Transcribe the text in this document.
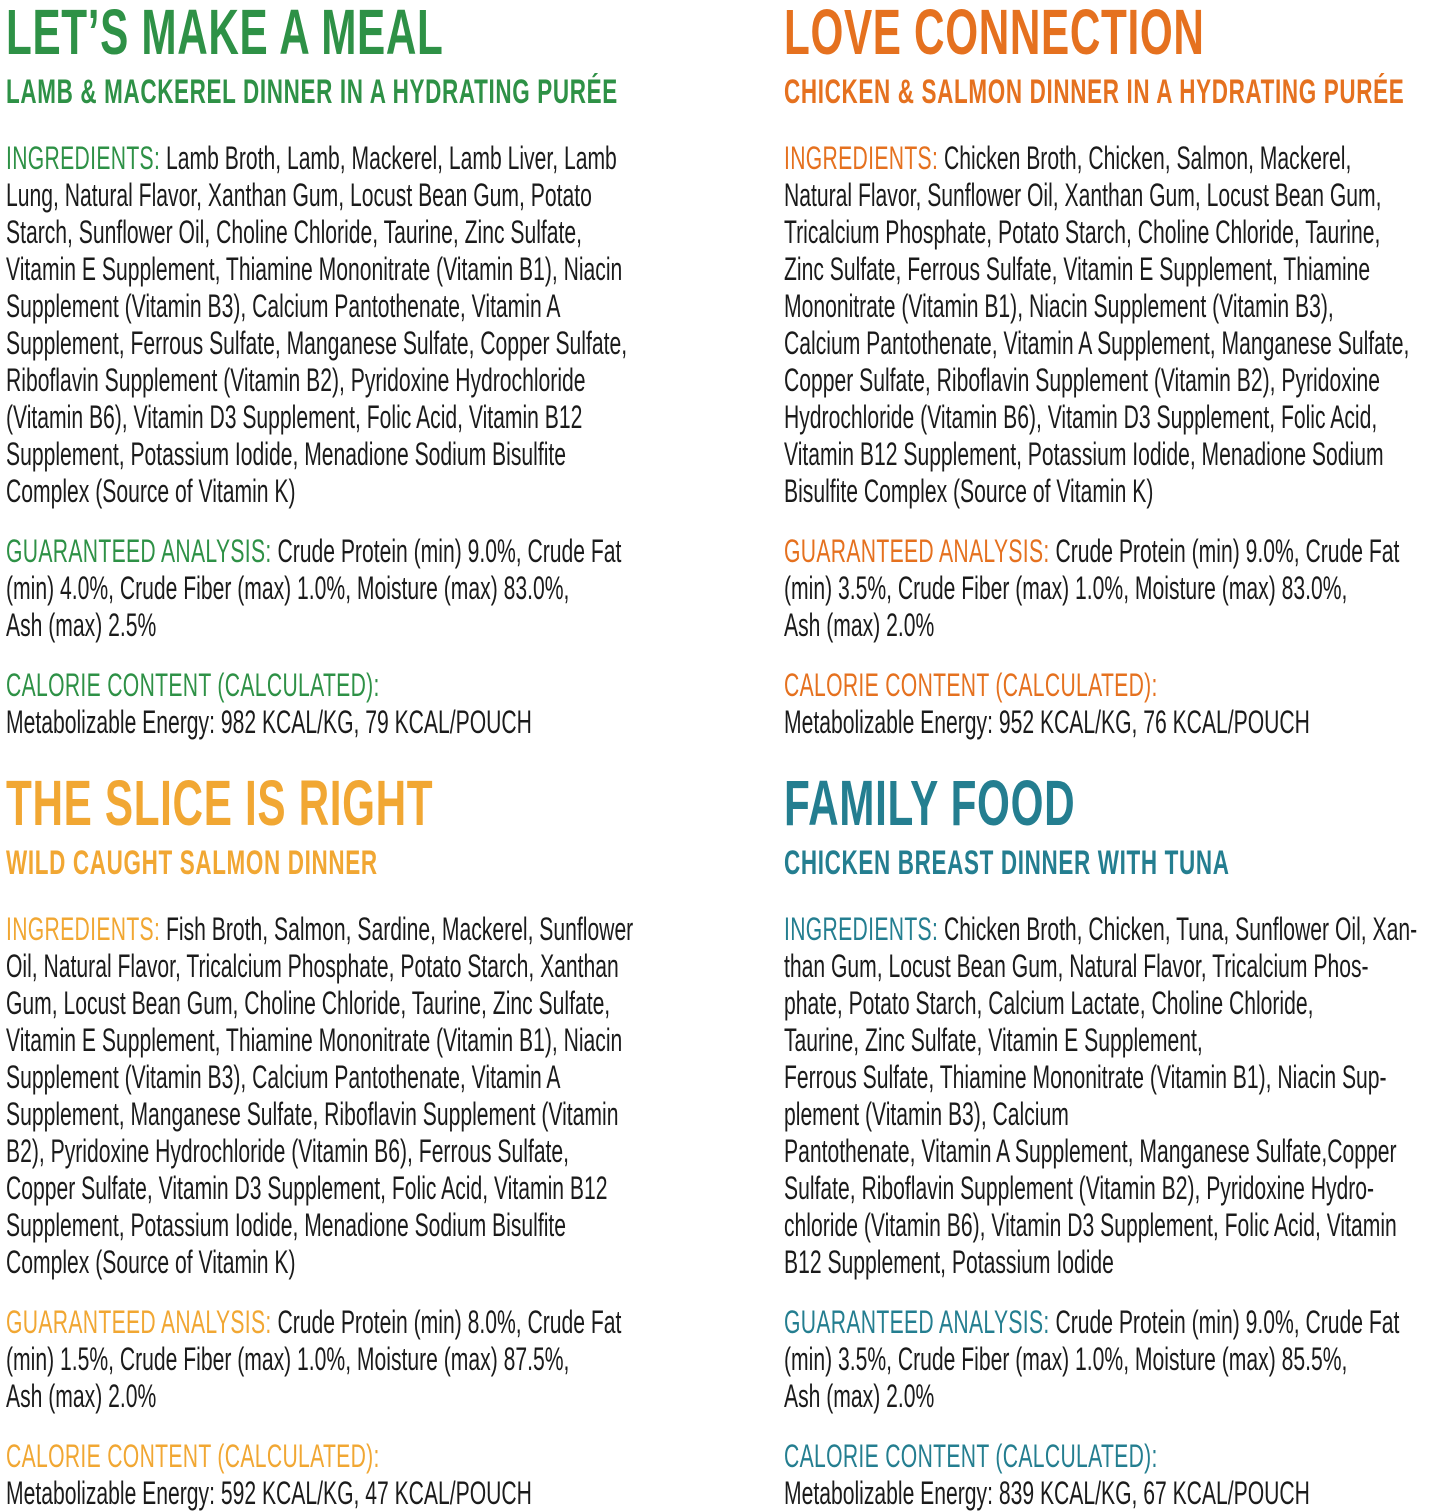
LET’S MAKE A MEAL
LAMB & MACKEREL DINNER IN A HYDRATING PURÉE
INGREDIENTS: Lamb Broth, Lamb, Mackerel, Lamb Liver, Lamb
Lung, Natural Flavor, Xanthan Gum, Locust Bean Gum, Potato
Starch, Sunflower Oil, Choline Chloride, Taurine, Zinc Sulfate,
Vitamin E Supplement, Thiamine Mononitrate (Vitamin B1), Niacin
Supplement (Vitamin B3), Calcium Pantothenate, Vitamin A
Supplement, Ferrous Sulfate, Manganese Sulfate, Copper Sulfate,
Riboflavin Supplement (Vitamin B2), Pyridoxine Hydrochloride
(Vitamin B6), Vitamin D3 Supplement, Folic Acid, Vitamin B12
Supplement, Potassium Iodide, Menadione Sodium Bisulfite
Complex (Source of Vitamin K)
GUARANTEED ANALYSIS: Crude Protein (min) 9.0%, Crude Fat
(min) 4.0%, Crude Fiber (max) 1.0%, Moisture (max) 83.0%,
Ash (max) 2.5%
CALORIE CONTENT (CALCULATED):
Metabolizable Energy: 982 KCAL/KG, 79 KCAL/POUCH
LOVE CONNECTION
CHICKEN & SALMON DINNER IN A HYDRATING PURÉE
INGREDIENTS: Chicken Broth, Chicken, Salmon, Mackerel,
Natural Flavor, Sunflower Oil, Xanthan Gum, Locust Bean Gum,
Tricalcium Phosphate, Potato Starch, Choline Chloride, Taurine,
Zinc Sulfate, Ferrous Sulfate, Vitamin E Supplement, Thiamine
Mononitrate (Vitamin B1), Niacin Supplement (Vitamin B3),
Calcium Pantothenate, Vitamin A Supplement, Manganese Sulfate,
Copper Sulfate, Riboflavin Supplement (Vitamin B2), Pyridoxine
Hydrochloride (Vitamin B6), Vitamin D3 Supplement, Folic Acid,
Vitamin B12 Supplement, Potassium Iodide, Menadione Sodium
Bisulfite Complex (Source of Vitamin K)
GUARANTEED ANALYSIS: Crude Protein (min) 9.0%, Crude Fat
(min) 3.5%, Crude Fiber (max) 1.0%, Moisture (max) 83.0%,
Ash (max) 2.0%
CALORIE CONTENT (CALCULATED):
Metabolizable Energy: 952 KCAL/KG, 76 KCAL/POUCH
THE SLICE IS RIGHT
WILD CAUGHT SALMON DINNER
INGREDIENTS: Fish Broth, Salmon, Sardine, Mackerel, Sunflower
Oil, Natural Flavor, Tricalcium Phosphate, Potato Starch, Xanthan
Gum, Locust Bean Gum, Choline Chloride, Taurine, Zinc Sulfate,
Vitamin E Supplement, Thiamine Mononitrate (Vitamin B1), Niacin
Supplement (Vitamin B3), Calcium Pantothenate, Vitamin A
Supplement, Manganese Sulfate, Riboflavin Supplement (Vitamin
B2), Pyridoxine Hydrochloride (Vitamin B6), Ferrous Sulfate,
Copper Sulfate, Vitamin D3 Supplement, Folic Acid, Vitamin B12
Supplement, Potassium Iodide, Menadione Sodium Bisulfite
Complex (Source of Vitamin K)
GUARANTEED ANALYSIS: Crude Protein (min) 8.0%, Crude Fat
(min) 1.5%, Crude Fiber (max) 1.0%, Moisture (max) 87.5%,
Ash (max) 2.0%
CALORIE CONTENT (CALCULATED):
Metabolizable Energy: 592 KCAL/KG, 47 KCAL/POUCH
FAMILY FOOD
CHICKEN BREAST DINNER WITH TUNA
INGREDIENTS: Chicken Broth, Chicken, Tuna, Sunflower Oil, Xan-
than Gum, Locust Bean Gum, Natural Flavor, Tricalcium Phos-
phate, Potato Starch, Calcium Lactate, Choline Chloride,
Taurine, Zinc Sulfate, Vitamin E Supplement,
Ferrous Sulfate, Thiamine Mononitrate (Vitamin B1), Niacin Sup-
plement (Vitamin B3), Calcium
Pantothenate, Vitamin A Supplement, Manganese Sulfate,Copper
Sulfate, Riboflavin Supplement (Vitamin B2), Pyridoxine Hydro-
chloride (Vitamin B6), Vitamin D3 Supplement, Folic Acid, Vitamin
B12 Supplement, Potassium Iodide
GUARANTEED ANALYSIS: Crude Protein (min) 9.0%, Crude Fat
(min) 3.5%, Crude Fiber (max) 1.0%, Moisture (max) 85.5%,
Ash (max) 2.0%
CALORIE CONTENT (CALCULATED):
Metabolizable Energy: 839 KCAL/KG, 67 KCAL/POUCH
